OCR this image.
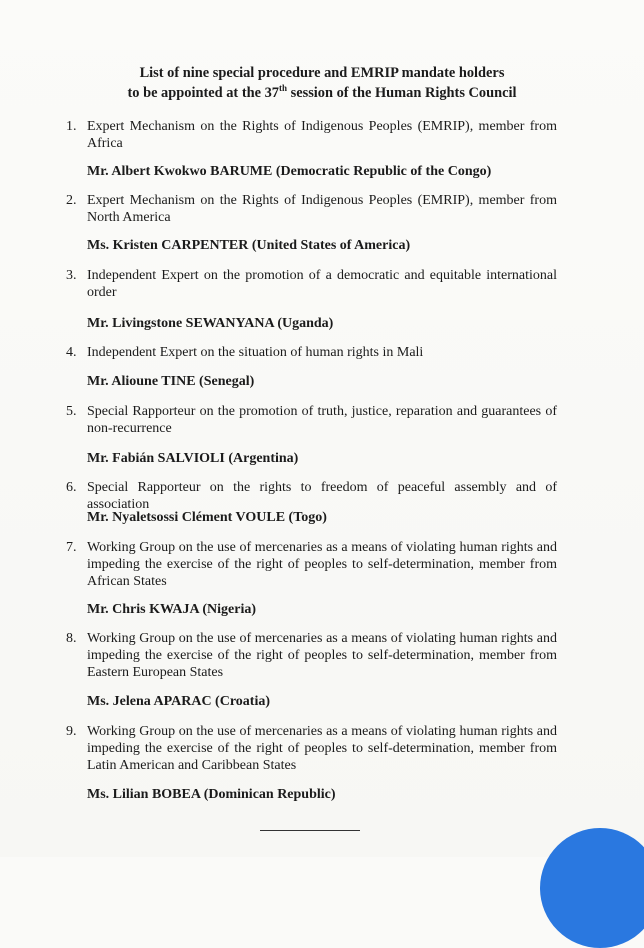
List of nine special procedure and EMRIP mandate holders
to be appointed at the 37th session of the Human Rights Council
1. Expert Mechanism on the Rights of Indigenous Peoples (EMRIP), member from Africa
Mr. Albert Kwokwo BARUME (Democratic Republic of the Congo)
2. Expert Mechanism on the Rights of Indigenous Peoples (EMRIP), member from North America
Ms. Kristen CARPENTER (United States of America)
3. Independent Expert on the promotion of a democratic and equitable international order
Mr. Livingstone SEWANYANA (Uganda)
4. Independent Expert on the situation of human rights in Mali
Mr. Alioune TINE (Senegal)
5. Special Rapporteur on the promotion of truth, justice, reparation and guarantees of non-recurrence
Mr. Fabián SALVIOLI (Argentina)
6. Special Rapporteur on the rights to freedom of peaceful assembly and of association
Mr. Nyaletsossi Clément VOULE (Togo)
7. Working Group on the use of mercenaries as a means of violating human rights and impeding the exercise of the right of peoples to self-determination, member from African States
Mr. Chris KWAJA (Nigeria)
8. Working Group on the use of mercenaries as a means of violating human rights and impeding the exercise of the right of peoples to self-determination, member from Eastern European States
Ms. Jelena APARAC (Croatia)
9. Working Group on the use of mercenaries as a means of violating human rights and impeding the exercise of the right of peoples to self-determination, member from Latin American and Caribbean States
Ms. Lilian BOBEA (Dominican Republic)
